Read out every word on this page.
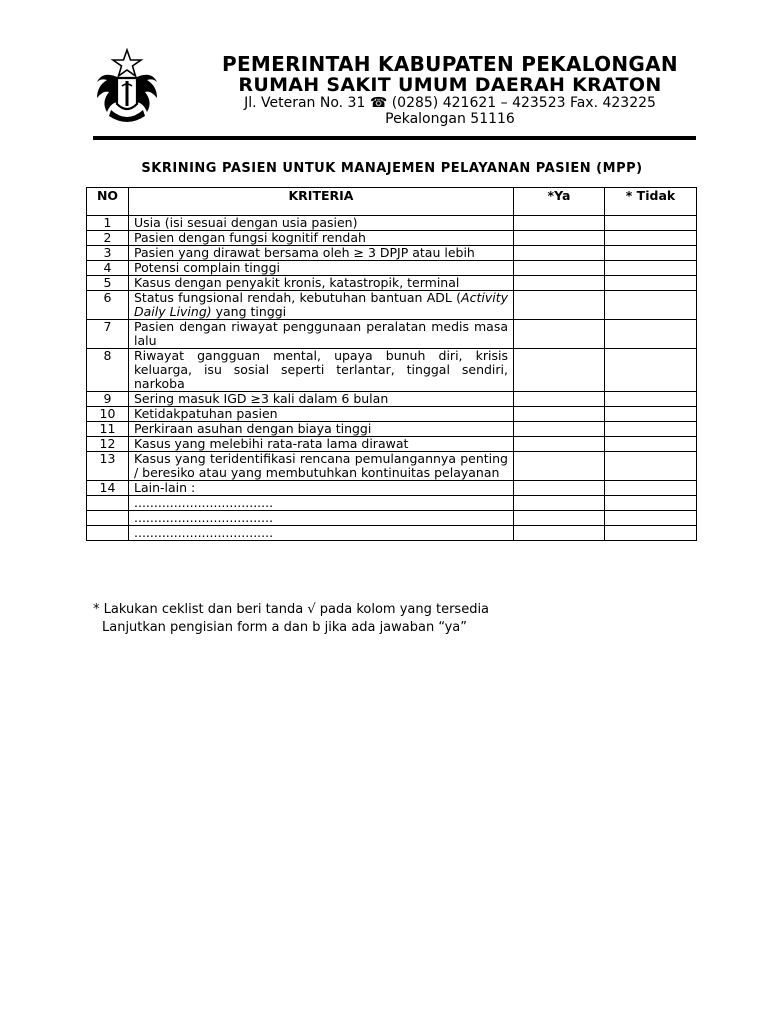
PEMERINTAH KABUPATEN PEKALONGAN
RUMAH SAKIT UMUM DAERAH KRATON
Jl. Veteran No. 31 ☎ (0285) 421621 – 423523 Fax. 423225
Pekalongan 51116
SKRINING PASIEN UNTUK MANAJEMEN PELAYANAN PASIEN (MPP)
NO	KRITERIA	*Ya	* Tidak
1	Usia (isi sesuai dengan usia pasien)		
2	Pasien dengan fungsi kognitif rendah		
3	Pasien yang dirawat bersama oleh ≥ 3 DPJP atau lebih		
4	Potensi complain tinggi		
5	Kasus dengan penyakit kronis, katastropik, terminal		
6	Status fungsional rendah, kebutuhan bantuan ADL (Activity Daily Living) yang tinggi		
7	Pasien dengan riwayat penggunaan peralatan medis masa lalu		
8	Riwayat gangguan mental, upaya bunuh diri, krisis keluarga, isu sosial seperti terlantar, tinggal sendiri, narkoba		
9	Sering masuk IGD ≥3 kali dalam 6 bulan		
10	Ketidakpatuhan pasien		
11	Perkiraan asuhan dengan biaya tinggi		
12	Kasus yang melebihi rata-rata lama dirawat		
13	Kasus yang teridentifikasi rencana pemulangannya penting / beresiko atau yang membutuhkan kontinuitas pelayanan		
14	Lain-lain :		
	...................................		
	...................................		
	...................................		
* Lakukan ceklist dan beri tanda √ pada kolom yang tersedia
Lanjutkan pengisian form a dan b jika ada jawaban “ya”
